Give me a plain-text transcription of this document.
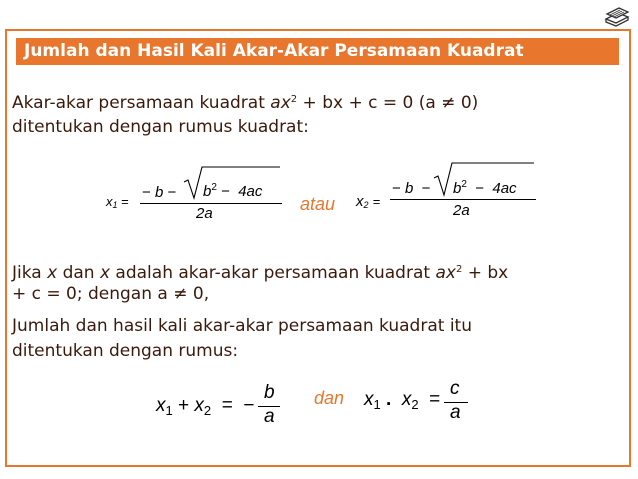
Jumlah dan Hasil Kali Akar-Akar Persamaan Kuadrat
Akar-akar persamaan kuadrat $ax^2$ + bx + c = 0 (a ≠ 0)
ditentukan dengan rumus kuadrat:
$x_1$ =
− $b - b^2 - 4ac$
2a	atau $x_2$ =
− $b - b^2 - 4ac$
2a
Jika x dan x adalah akar-akar persamaan kuadrat $ax^2$ + bx
+ c = 0; dengan a ≠ 0,
Jumlah dan hasil kali akar-akar persamaan kuadrat itu
ditentukan dengan rumus:
$x_1 + x_2$ = −
b
a
dan $x_1$ . $x_2$ =
c
a
